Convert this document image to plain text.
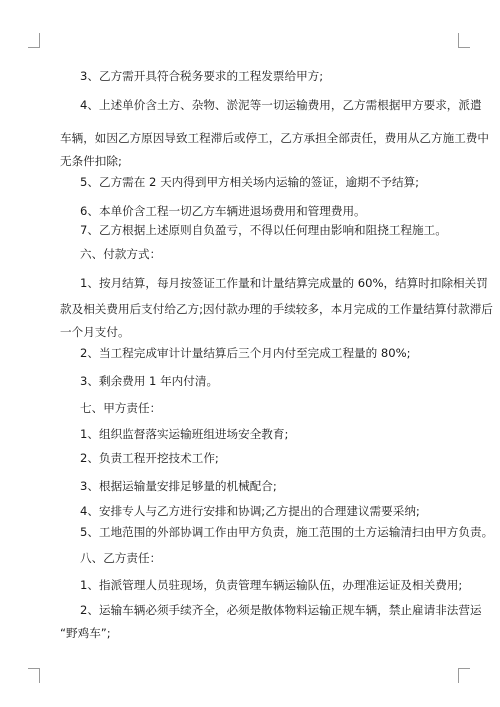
3、乙方需开具符合税务要求的工程发票给甲方;
4、上述单价含土方、杂物、淤泥等一切运输费用，乙方需根据甲方要求，派遣
车辆，如因乙方原因导致工程滞后或停工，乙方承担全部责任，费用从乙方施工费中
无条件扣除;
5、乙方需在 2 天内得到甲方相关场内运输的签证，逾期不予结算;
6、本单价含工程一切乙方车辆进退场费用和管理费用。
7、乙方根据上述原则自负盈亏，不得以任何理由影响和阻挠工程施工。
六、付款方式：
1、按月结算，每月按签证工作量和计量结算完成量的 60%，结算时扣除相关罚
款及相关费用后支付给乙方;因付款办理的手续较多，本月完成的工作量结算付款滞后
一个月支付。
2、当工程完成审计计量结算后三个月内付至完成工程量的 80%;
3、剩余费用 1 年内付清。
七、甲方责任：
1、组织监督落实运输班组进场安全教育;
2、负责工程开挖技术工作;
3、根据运输量安排足够量的机械配合;
4、安排专人与乙方进行安排和协调;乙方提出的合理建议需要采纳;
5、工地范围的外部协调工作由甲方负责，施工范围的土方运输清扫由甲方负责。
八、乙方责任：
1、指派管理人员驻现场，负责管理车辆运输队伍，办理准运证及相关费用;
2、运输车辆必须手续齐全，必须是散体物料运输正规车辆，禁止雇请非法营运
“野鸡车”;
